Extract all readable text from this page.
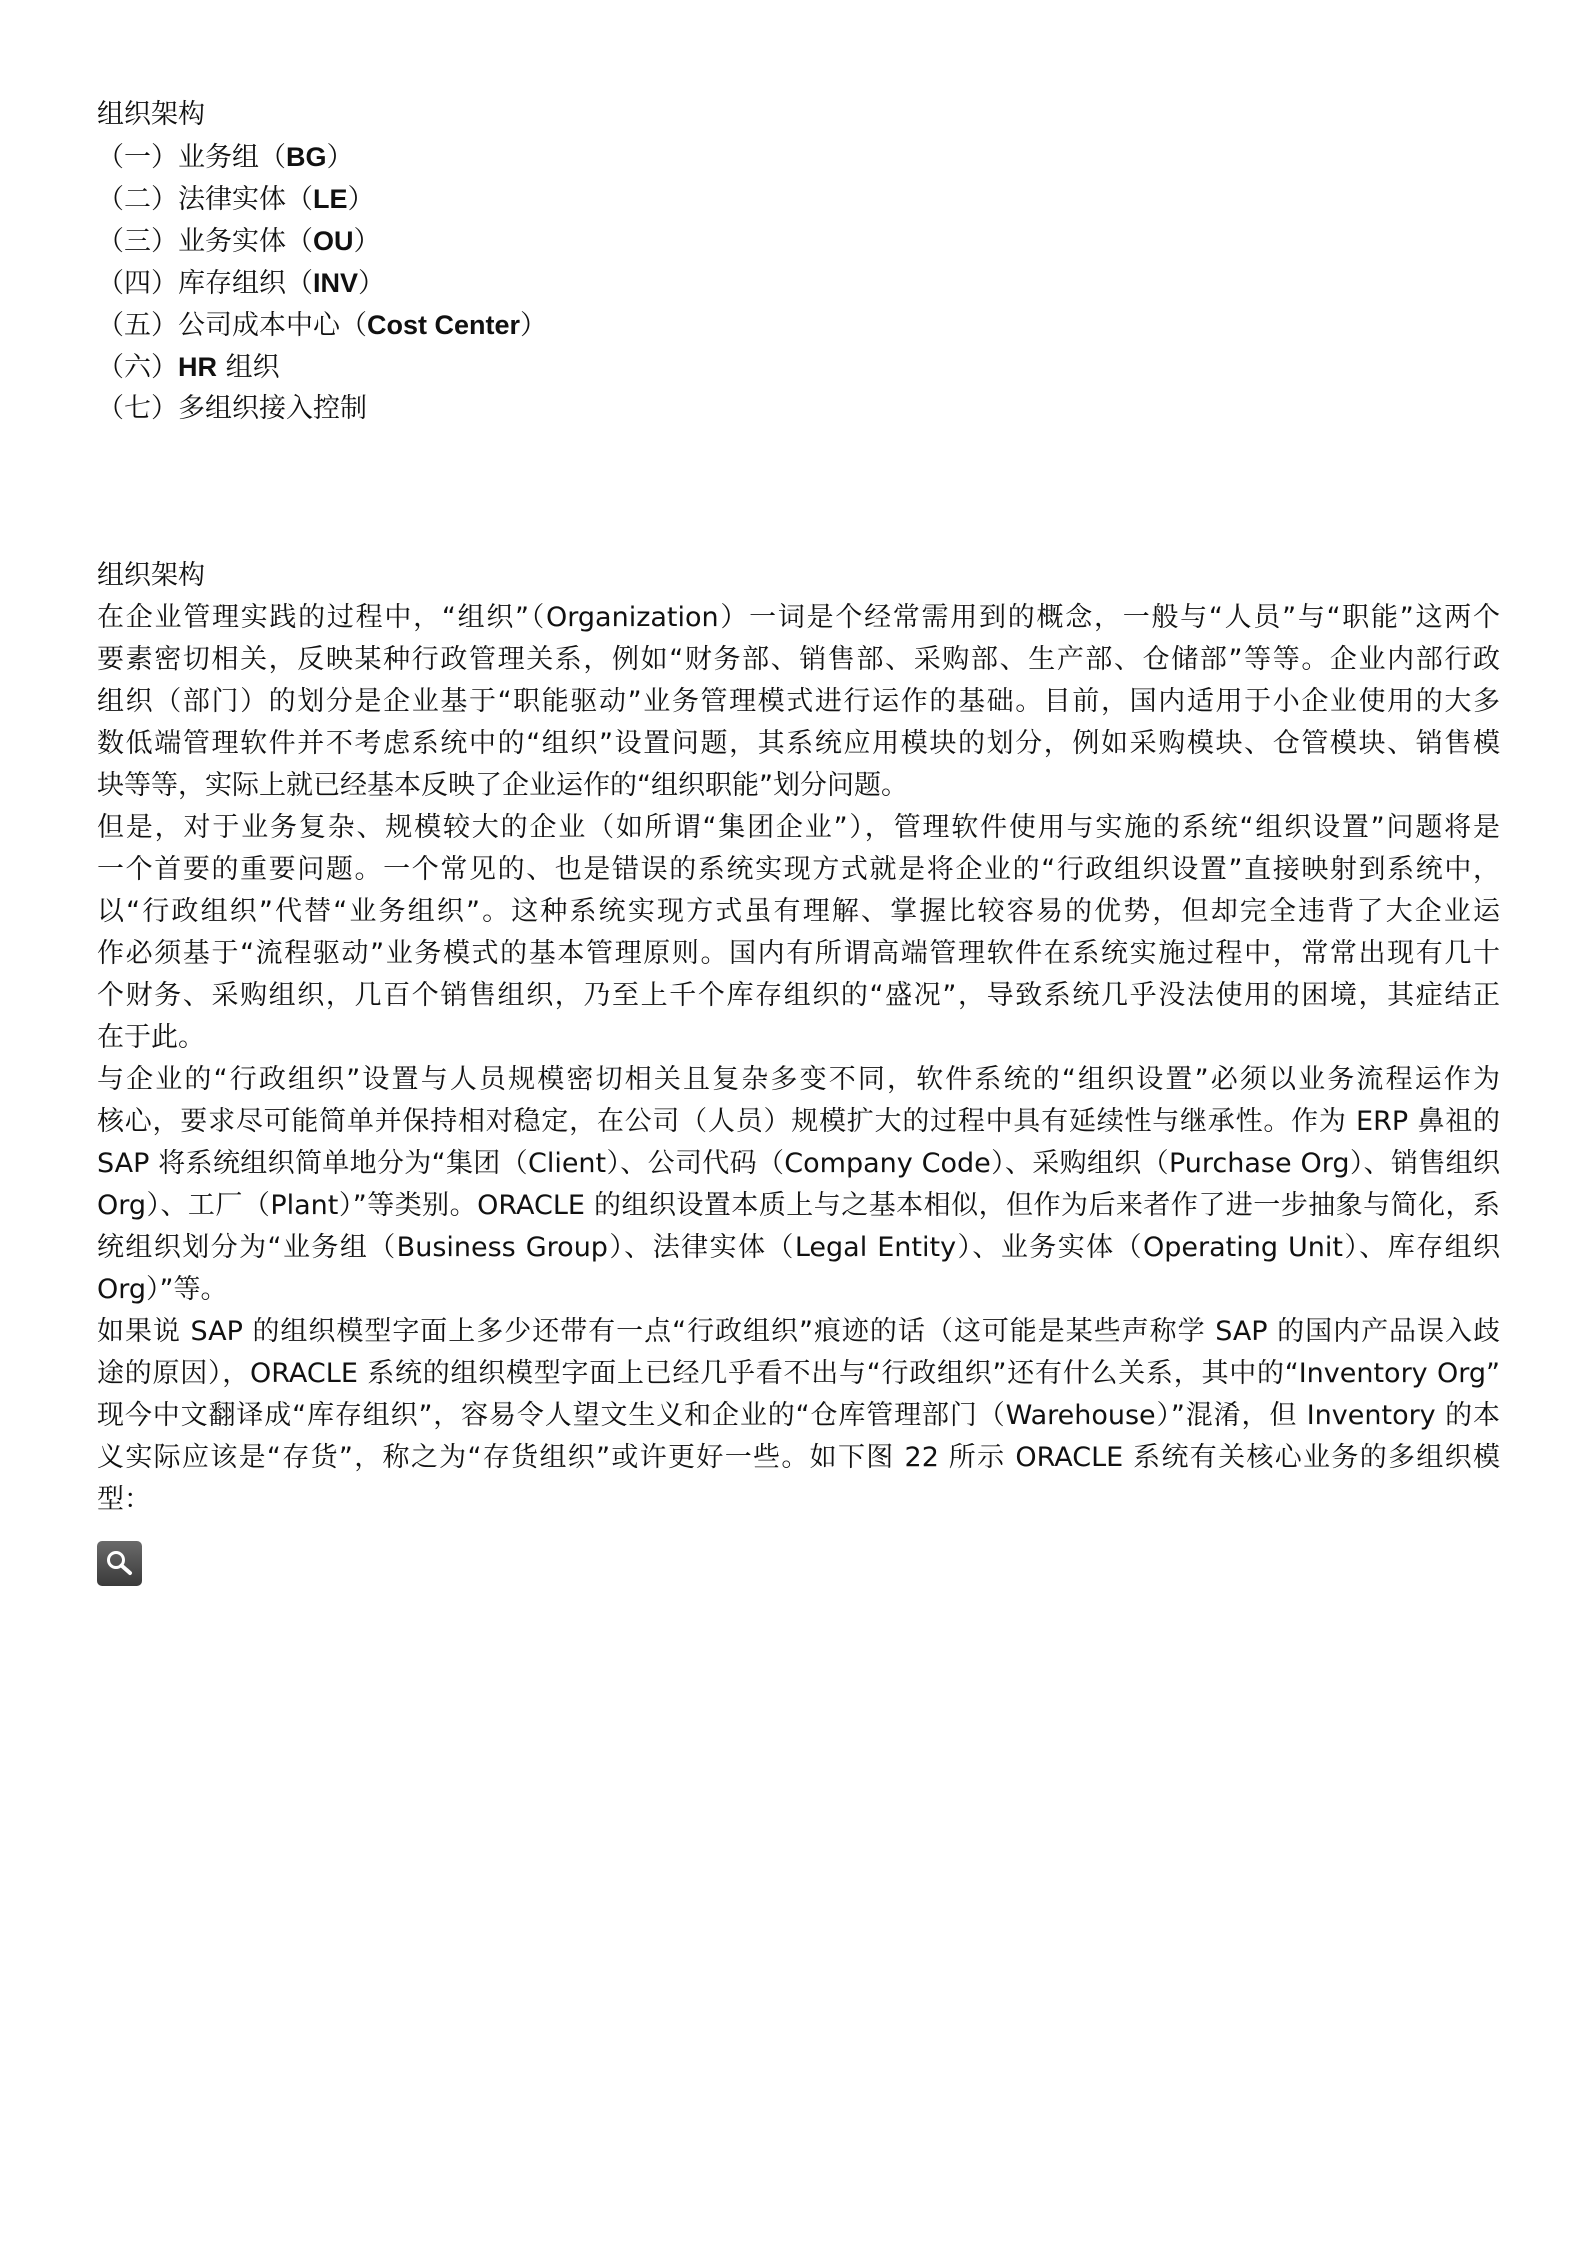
组织架构
（一）业务组（BG）
（二）法律实体（LE）
（三）业务实体（OU）
（四）库存组织（INV）
（五）公司成本中心（Cost Center）
（六）HR 组织
（七）多组织接入控制
组织架构
在企业管理实践的过程中，“组织”（Organization）一词是个经常需用到的概念，一般与“人员”与“职能”这两个
要素密切相关，反映某种行政管理关系，例如“财务部、销售部、采购部、生产部、仓储部”等等。企业内部行政
组织（部门）的划分是企业基于“职能驱动”业务管理模式进行运作的基础。目前，国内适用于小企业使用的大多
数低端管理软件并不考虑系统中的“组织”设置问题，其系统应用模块的划分，例如采购模块、仓管模块、销售模
块等等，实际上就已经基本反映了企业运作的“组织职能”划分问题。
但是，对于业务复杂、规模较大的企业（如所谓“集团企业”），管理软件使用与实施的系统“组织设置”问题将是
一个首要的重要问题。一个常见的、也是错误的系统实现方式就是将企业的“行政组织设置”直接映射到系统中，
以“行政组织”代替“业务组织”。这种系统实现方式虽有理解、掌握比较容易的优势，但却完全违背了大企业运
作必须基于“流程驱动”业务模式的基本管理原则。国内有所谓高端管理软件在系统实施过程中，常常出现有几十
个财务、采购组织，几百个销售组织，乃至上千个库存组织的“盛况”，导致系统几乎没法使用的困境，其症结正
在于此。
与企业的“行政组织”设置与人员规模密切相关且复杂多变不同，软件系统的“组织设置”必须以业务流程运作为
核心，要求尽可能简单并保持相对稳定，在公司（人员）规模扩大的过程中具有延续性与继承性。作为 ERP 鼻祖的
SAP 将系统组织简单地分为“集团（Client）、公司代码（Company Code）、采购组织（Purchase Org）、销售组织
Org）、工厂（Plant）”等类别。ORACLE 的组织设置本质上与之基本相似，但作为后来者作了进一步抽象与简化，系
统组织划分为“业务组（Business Group）、法律实体（Legal Entity）、业务实体（Operating Unit）、库存组织
Org）”等。
如果说 SAP 的组织模型字面上多少还带有一点“行政组织”痕迹的话（这可能是某些声称学 SAP 的国内产品误入歧
途的原因），ORACLE 系统的组织模型字面上已经几乎看不出与“行政组织”还有什么关系，其中的“Inventory Org”
现今中文翻译成“库存组织”，容易令人望文生义和企业的“仓库管理部门（Warehouse）”混淆，但 Inventory 的本
义实际应该是“存货”，称之为“存货组织”或许更好一些。如下图 22 所示 ORACLE 系统有关核心业务的多组织模
型：
